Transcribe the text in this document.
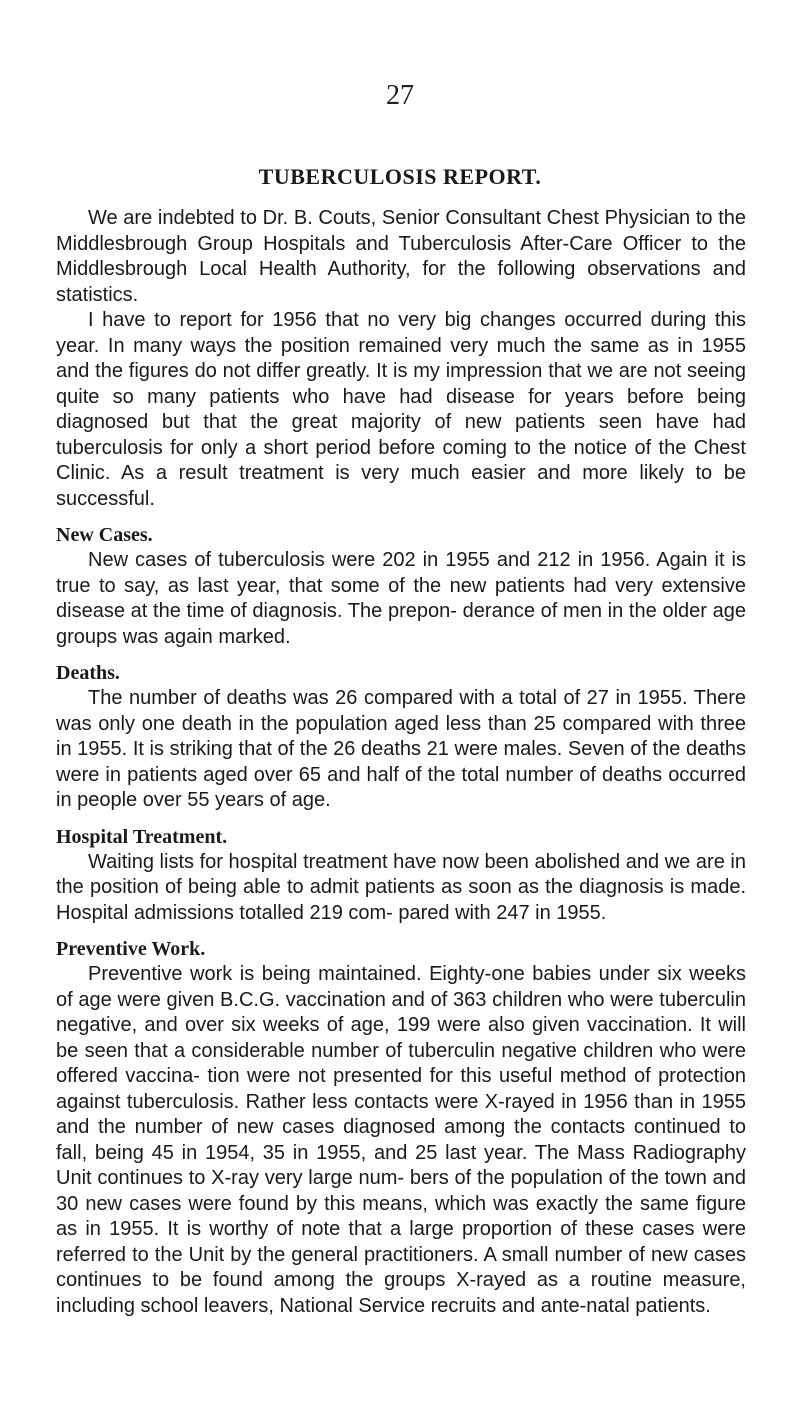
27
TUBERCULOSIS REPORT.

We are indebted to Dr. B. Couts, Senior Consultant Chest Physician to the Middlesbrough Group Hospitals and Tuberculosis After-Care Officer to the Middlesbrough Local Health Authority, for the following observations and statistics.

I have to report for 1956 that no very big changes occurred during this year. In many ways the position remained very much the same as in 1955 and the figures do not differ greatly. It is my impression that we are not seeing quite so many patients who have had disease for years before being diagnosed but that the great majority of new patients seen have had tuberculosis for only a short period before coming to the notice of the Chest Clinic. As a result treatment is very much easier and more likely to be successful.

New Cases.

New cases of tuberculosis were 202 in 1955 and 212 in 1956. Again it is true to say, as last year, that some of the new patients had very extensive disease at the time of diagnosis. The prepon- derance of men in the older age groups was again marked.

Deaths.

The number of deaths was 26 compared with a total of 27 in 1955. There was only one death in the population aged less than 25 compared with three in 1955. It is striking that of the 26 deaths 21 were males. Seven of the deaths were in patients aged over 65 and half of the total number of deaths occurred in people over 55 years of age.

Hospital Treatment.

Waiting lists for hospital treatment have now been abolished and we are in the position of being able to admit patients as soon as the diagnosis is made. Hospital admissions totalled 219 com- pared with 247 in 1955.

Preventive Work.

Preventive work is being maintained. Eighty-one babies under six weeks of age were given B.C.G. vaccination and of 363 children who were tuberculin negative, and over six weeks of age, 199 were also given vaccination. It will be seen that a considerable number of tuberculin negative children who were offered vaccina- tion were not presented for this useful method of protection against tuberculosis. Rather less contacts were X-rayed in 1956 than in 1955 and the number of new cases diagnosed among the contacts continued to fall, being 45 in 1954, 35 in 1955, and 25 last year. The Mass Radiography Unit continues to X-ray very large num- bers of the population of the town and 30 new cases were found by this means, which was exactly the same figure as in 1955. It is worthy of note that a large proportion of these cases were referred to the Unit by the general practitioners. A small number of new cases continues to be found among the groups X-rayed as a routine measure, including school leavers, National Service recruits and ante-natal patients.
